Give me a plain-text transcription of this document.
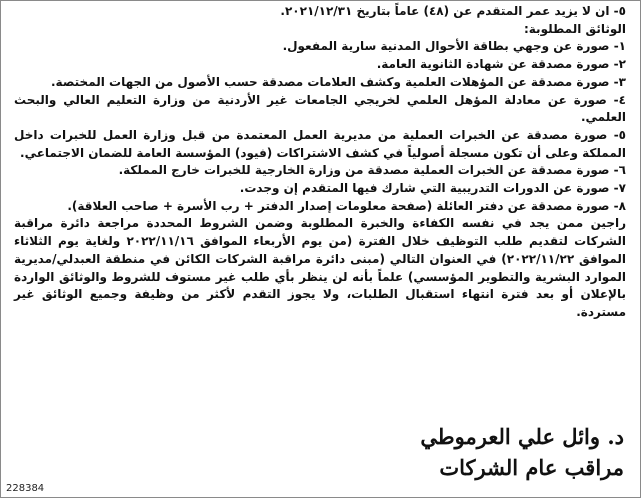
٥- ان لا يزيد عمر المتقدم عن (٤٨) عاماً بتاريخ ٢٠٢١/١٢/٣١.

الوثائق المطلوبة:

١- صورة عن وجهي بطاقة الأحوال المدنية سارية المفعول.

٢- صورة مصدقة عن شهادة الثانوية العامة.

٣- صورة مصدقة عن المؤهلات العلمية وكشف العلامات مصدقة حسب الأصول من الجهات المختصة.

٤- صورة عن معادلة المؤهل العلمي لخريجي الجامعات غير الأردنية من وزارة التعليم العالي والبحث العلمي.

٥- صورة مصدقة عن الخبرات العملية من مديرية العمل المعتمدة من قبل وزارة العمل للخبرات داخل المملكة وعلى أن تكون مسجلة أصولياً في كشف الاشتراكات (فيود) المؤسسة العامة للضمان الاجتماعي.

٦- صورة مصدقة عن الخبرات العملية مصدقة من وزارة الخارجية للخبرات خارج المملكة.

٧- صورة عن الدورات التدريبية التي شارك فيها المتقدم إن وجدت.

٨- صورة مصدقة عن دفتر العائلة (صفحة معلومات إصدار الدفتر + رب الأسرة + صاحب العلاقة).

راجين ممن يجد في نفسه الكفاءة والخبرة المطلوبة وضمن الشروط المحددة مراجعة دائرة مراقبة الشركات لتقديم طلب التوظيف خلال الفترة (من يوم الأربعاء الموافق ٢٠٢٢/١١/١٦ ولغاية يوم الثلاثاء الموافق ٢٠٢٢/١١/٢٢) في العنوان التالي (مبنى دائرة مراقبة الشركات الكائن في منطقة العبدلي/مديرية الموارد البشرية والتطوير المؤسسي) علماً بأنه لن ينظر بأي طلب غير مستوف للشروط والوثائق الواردة بالإعلان أو بعد فترة انتهاء استقبال الطلبات، ولا يجوز التقدم لأكثر من وظيفة وجميع الوثائق غير مستردة.

د. وائل علي العرموطي
مراقب عام الشركات
228384
